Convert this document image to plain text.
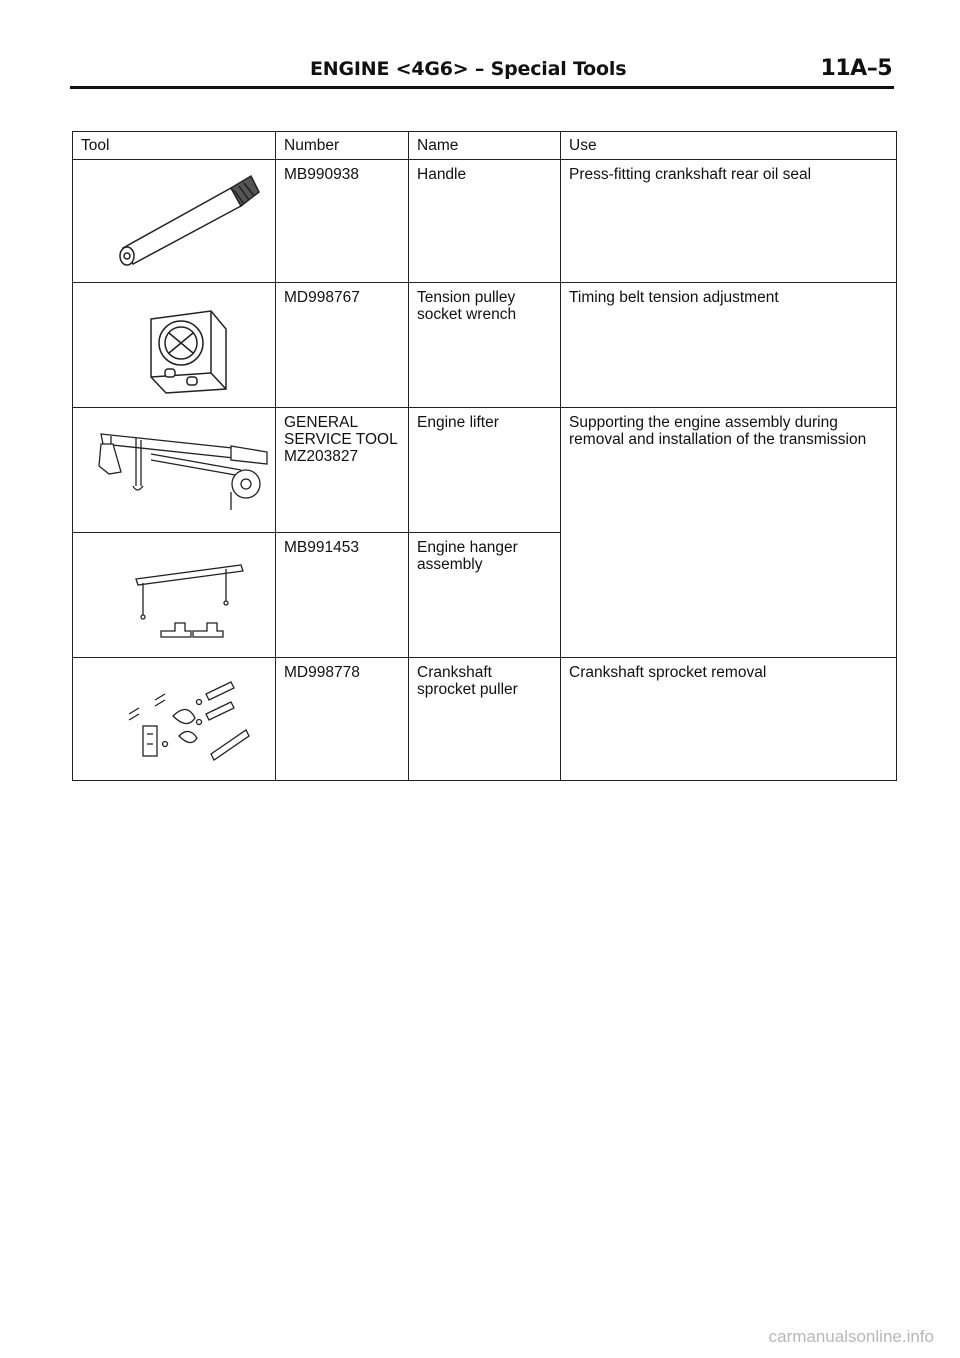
ENGINE <4G6> – Special Tools	11A–5
Tool	Number	Name	Use

	MB990938	Handle	Press-fitting crankshaft rear oil seal

	MD998767	Tension pulley socket wrench	Timing belt tension adjustment

	GENERAL SERVICE TOOL MZ203827	Engine lifter	Supporting the engine assembly during removal and installation of the transmission

	MB991453	Engine hanger assembly	

	MD998778	Crankshaft sprocket puller	Crankshaft sprocket removal
carmanualsonline.info
